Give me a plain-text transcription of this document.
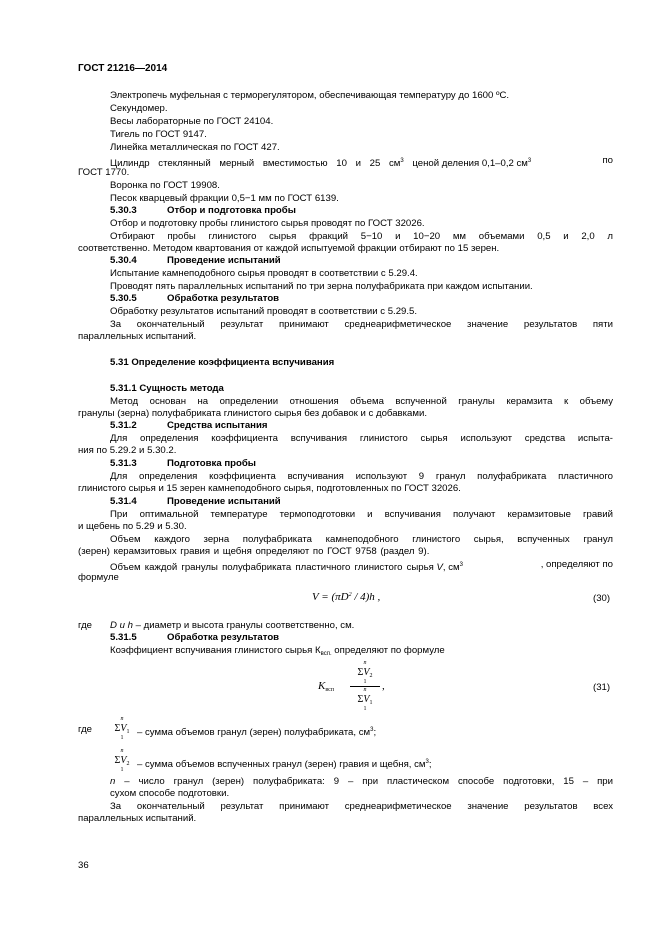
ГОСТ 21216—2014
Электропечь муфельная с терморегулятором, обеспечивающая температуру до 1600 ºС.
Секундомер.
Весы лабораторные по ГОСТ 24104.
Тигель по ГОСТ 9147.
Линейка металлическая по ГОСТ 427.
Цилиндр стеклянный мерный вместимостью 10 и 25 $см^3$ ценой деления 0,1–0,2 $см^3$	по
ГОСТ 1770.
Воронка по ГОСТ 19908.
Песок кварцевый фракции 0,5−1 мм по ГОСТ 6139.
5.30.3	Отбор и подготовка пробы
Отбор и подготовку пробы глинистого сырья проводят по ГОСТ 32026.
Отбирают пробы глинистого сырья фракций 5−10 и 10−20 мм объемами 0,5 и 2,0 л
соответственно. Методом квартования от каждой испытуемой фракции отбирают по 15 зерен.
5.30.4	Проведение испытаний
Испытание камнеподобного сырья проводят в соответствии с 5.29.4.
Проводят пять параллельных испытаний по три зерна полуфабриката при каждом испытании.
5.30.5	Обработка результатов
Обработку результатов испытаний проводят в соответствии с 5.29.5.
За окончательный результат принимают среднеарифметическое значение результатов пяти
параллельных испытаний.
5.31 Определение коэффициента вспучивания
5.31.1 Сущность метода
Метод основан на определении отношения объема вспученной гранулы керамзита к объему
гранулы (зерна) полуфабриката глинистого сырья без добавок и с добавками.
5.31.2	Средства испытания
Для определения коэффициента вспучивания глинистого сырья используют средства испыта-
ния по 5.29.2 и 5.30.2.
5.31.3	Подготовка пробы
Для определения коэффициента вспучивания используют 9 гранул полуфабриката пластичного
глинистого сырья и 15 зерен камнеподобного сырья, подготовленных по ГОСТ 32026.
5.31.4	Проведение испытаний
При оптимальной температуре термоподготовки и вспучивания получают керамзитовые гравий
и щебень по 5.29 и 5.30.
Объем каждого зерна полуфабриката камнеподобного глинистого сырья, вспученных гранул
(зерен) керамзитовых гравия и щебня определяют по ГОСТ 9758 (раздел 9).
Объем каждой гранулы полуфабриката пластичного глинистого сырья V, $см^3$	, определяют по
формуле
$V = (\pi D^2 / 4)h$ ,	(30)
где D и h – диаметр и высота гранулы соответственно, см.
5.31.5	Обработка результатов
Коэффициент вспучивания глинистого сырья $К_{всп.}$ определяют по формуле
$K_{всп}$
n
$\Sigma V_2$
1
n
$\Sigma V_1$
1
,	(31)
где
n
$\Sigma V_1$
1	– сумма объемов гранул (зерен) полуфабриката, $см^3$;
n
$\Sigma V_2$
1	– сумма объемов вспученных гранул (зерен) гравия и щебня, $см^3$;
n – число гранул (зерен) полуфабриката: 9 – при пластическом способе подготовки, 15 – при
сухом способе подготовки.
За окончательный результат принимают среднеарифметическое значение результатов всех
параллельных испытаний.
36
